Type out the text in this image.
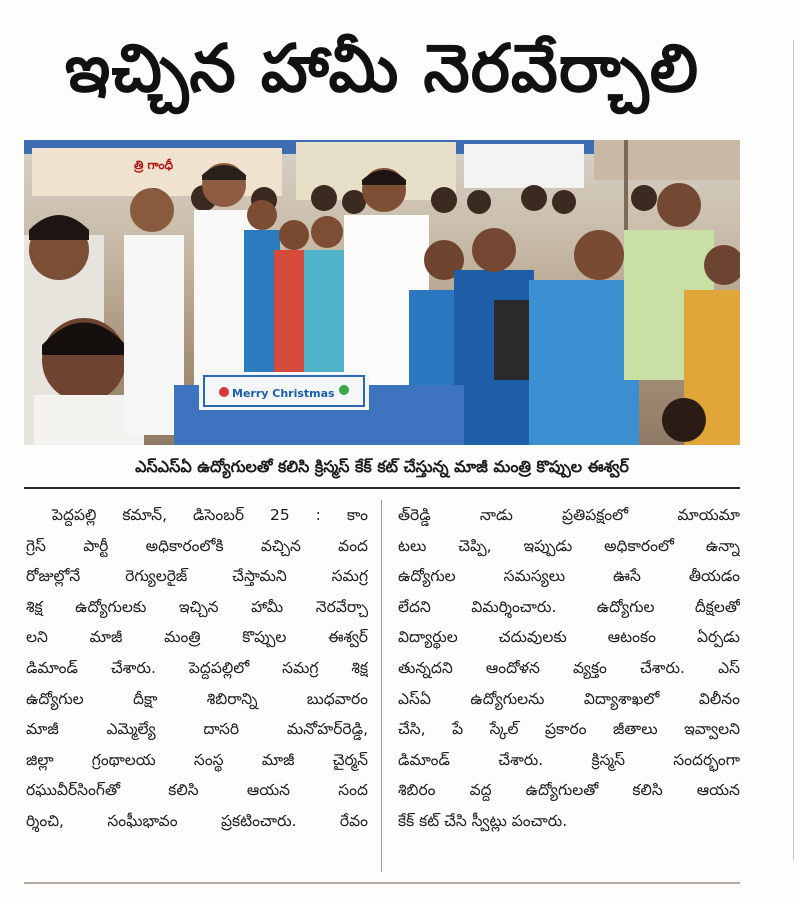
ఇచ్చిన హామీ నెరవేర్చాలి
త్రి గాంధీ
Merry Christmas
ఎస్ఎస్ఏ ఉద్యోగులతో కలిసి క్రిస్మస్ కేక్ కట్ చేస్తున్న మాజీ మంత్రి కొప్పుల ఈశ్వర్
పెద్దపల్లి కమాన్, డిసెంబర్ 25 : కాం
గ్రెస్ పార్టీ అధికారంలోకి వచ్చిన వంద
రోజుల్లోనే రెగ్యులరైజ్ చేస్తామని సమగ్ర
శిక్ష ఉద్యోగులకు ఇచ్చిన హామీ నెరవేర్చా
లని మాజీ మంత్రి కొప్పుల ఈశ్వర్
డిమాండ్ చేశారు. పెద్దపల్లిలో సమగ్ర శిక్ష
ఉద్యోగుల దీక్షా శిబిరాన్ని బుధవారం
మాజీ ఎమ్మెల్యే దాసరి మనోహర్‌రెడ్డి,
జిల్లా గ్రంథాలయ సంస్థ మాజీ చైర్మన్
రఘువీర్‌సింగ్‌తో కలిసి ఆయన సంద
ర్శించి, సంఘీభావం ప్రకటించారు. రేవం
త్‌రెడ్డి నాడు ప్రతిపక్షంలో మాయమా
టలు చెప్పి, ఇప్పుడు అధికారంలో ఉన్నా
ఉద్యోగుల సమస్యలు ఊసే తీయడం
లేదని విమర్శించారు. ఉద్యోగుల దీక్షలతో
విద్యార్థుల చదువులకు ఆటంకం ఏర్పడు
తున్నదని ఆందోళన వ్యక్తం చేశారు. ఎస్
ఎస్ఏ ఉద్యోగులను విద్యాశాఖలో విలీనం
చేసి, పే స్కేల్ ప్రకారం జీతాలు ఇవ్వాలని
డిమాండ్ చేశారు. క్రిస్మస్ సందర్భంగా
శిబిరం వద్ద ఉద్యోగులతో కలిసి ఆయన
కేక్ కట్ చేసి స్వీట్లు పంచారు.
